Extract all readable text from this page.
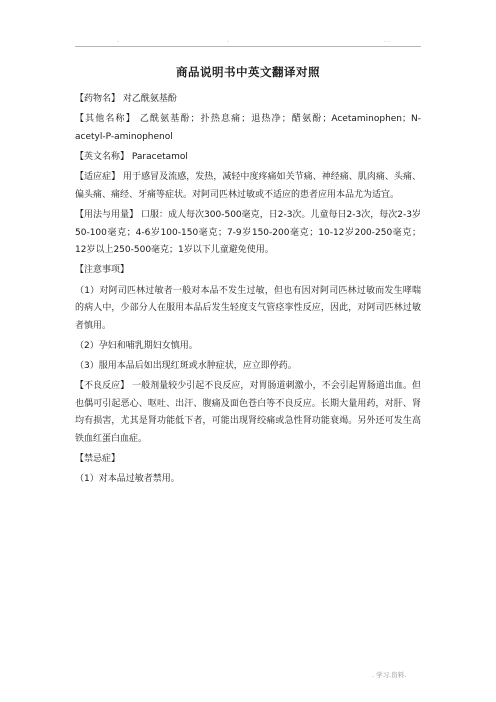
.	.	. .
商品说明书中英文翻译对照

【药物名】 对乙酰氨基酚

【其他名称】 乙酰氨基酚；扑热息痛；退热净；醋氨酚；Acetaminophen；N-acetyl-P-aminophenol

【英文名称】 Paracetamol

【适应症】 用于感冒及流感，发热，减轻中度疼痛如关节痛、神经痛、肌肉痛、头痛、偏头痛、痛经、牙痛等症状。对阿司匹林过敏或不适应的患者应用本品尤为适宜。

【用法与用量】 口服：成人每次300-500毫克，日2-3次。儿童每日2-3次，每次2-3岁50-100毫克；4-6岁100-150毫克；7-9岁150-200毫克；10-12岁200-250毫克；12岁以上250-500毫克；1岁以下儿童避免使用。

【注意事项】

（1）对阿司匹林过敏者一般对本品不发生过敏，但也有因对阿司匹林过敏而发生哮喘的病人中，少部分人在服用本品后发生轻度支气管痉挛性反应，因此，对阿司匹林过敏者慎用。

（2）孕妇和哺乳期妇女慎用。

（3）服用本品后如出现红斑或水肿症状，应立即停药。

【不良反应】 一般剂量较少引起不良反应，对胃肠道刺激小，不会引起胃肠道出血。但也偶可引起恶心、呕吐、出汗、腹痛及面色苍白等不良反应。长期大量用药，对肝、肾均有损害，尤其是肾功能低下者，可能出现肾绞痛或急性肾功能衰竭。另外还可发生高铁血红蛋白血症。

【禁忌症】

（1）对本品过敏者禁用。

. 学习.资料.
